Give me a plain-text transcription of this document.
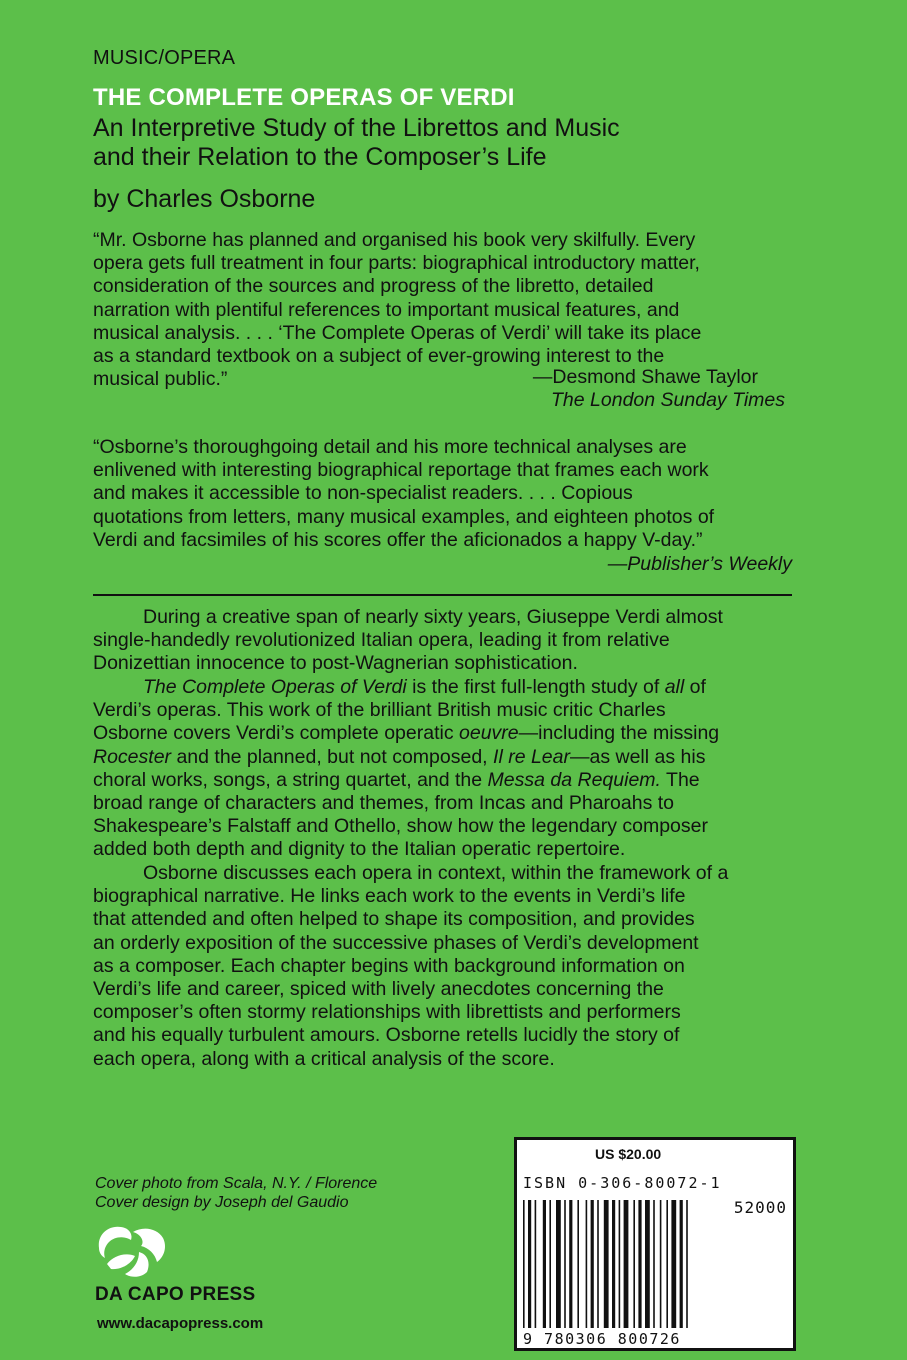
MUSIC/OPERA
THE COMPLETE OPERAS OF VERDI
An Interpretive Study of the Librettos and Music
and their Relation to the Composer’s Life
by Charles Osborne
“Mr. Osborne has planned and organised his book very skilfully. Every
opera gets full treatment in four parts: biographical introductory matter,
consideration of the sources and progress of the libretto, detailed
narration with plentiful references to important musical features, and
musical analysis. . . . ‘The Complete Operas of Verdi’ will take its place
as a standard textbook on a subject of ever-growing interest to the
musical public.”	—Desmond Shawe Taylor
The London Sunday Times
“Osborne’s thoroughgoing detail and his more technical analyses are
enlivened with interesting biographical reportage that frames each work
and makes it accessible to non-specialist readers. . . . Copious
quotations from letters, many musical examples, and eighteen photos of
Verdi and facsimiles of his scores offer the aficionados a happy V-day.”
—Publisher’s Weekly
During a creative span of nearly sixty years, Giuseppe Verdi almost
single-handedly revolutionized Italian opera, leading it from relative
Donizettian innocence to post-Wagnerian sophistication.
The Complete Operas of Verdi is the first full-length study of all of
Verdi’s operas. This work of the brilliant British music critic Charles
Osborne covers Verdi’s complete operatic oeuvre—including the missing
Rocester and the planned, but not composed, Il re Lear—as well as his
choral works, songs, a string quartet, and the Messa da Requiem. The
broad range of characters and themes, from Incas and Pharoahs to
Shakespeare’s Falstaff and Othello, show how the legendary composer
added both depth and dignity to the Italian operatic repertoire.
Osborne discusses each opera in context, within the framework of a
biographical narrative. He links each work to the events in Verdi’s life
that attended and often helped to shape its composition, and provides
an orderly exposition of the successive phases of Verdi’s development
as a composer. Each chapter begins with background information on
Verdi’s life and career, spiced with lively anecdotes concerning the
composer’s often stormy relationships with librettists and performers
and his equally turbulent amours. Osborne retells lucidly the story of
each opera, along with a critical analysis of the score.
Cover photo from Scala, N.Y. / Florence
Cover design by Joseph del Gaudio
DA CAPO PRESS
www.dacapopress.com
US $20.00
ISBN 0-306-80072-1
52000
9 780306 800726
